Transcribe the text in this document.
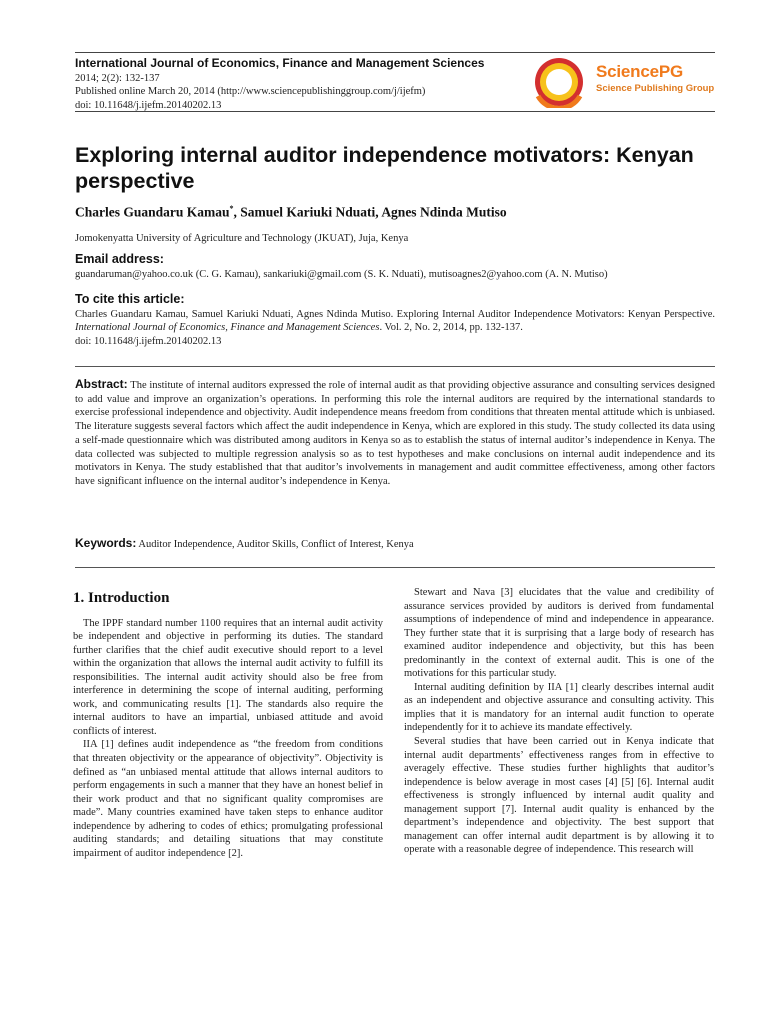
International Journal of Economics, Finance and Management Sciences
2014; 2(2): 132-137
Published online March 20, 2014 (http://www.sciencepublishinggroup.com/j/ijefm)
doi: 10.11648/j.ijefm.20140202.13
SciencePG
Science Publishing Group
Exploring internal auditor independence motivators: Kenyan perspective
Charles Guandaru Kamau*, Samuel Kariuki Nduati, Agnes Ndinda Mutiso
Jomokenyatta University of Agriculture and Technology (JKUAT), Juja, Kenya
Email address:
guandaruman@yahoo.co.uk (C. G. Kamau), sankariuki@gmail.com (S. K. Nduati), mutisoagnes2@yahoo.com (A. N. Mutiso)
To cite this article:
Charles Guandaru Kamau, Samuel Kariuki Nduati, Agnes Ndinda Mutiso. Exploring Internal Auditor Independence Motivators: Kenyan Perspective. International Journal of Economics, Finance and Management Sciences. Vol. 2, No. 2, 2014, pp. 132-137.
doi: 10.11648/j.ijefm.20140202.13
Abstract: The institute of internal auditors expressed the role of internal audit as that providing objective assurance and consulting services designed to add value and improve an organization’s operations. In performing this role the internal auditors are required by the international standards to exercise professional independence and objectivity. Audit independence means freedom from conditions that threaten mental attitude which is unbiased. The literature suggests several factors which affect the audit independence in Kenya, which are explored in this study. The study collected its data using a self-made questionnaire which was distributed among auditors in Kenya so as to establish the status of internal auditor’s independence in Kenya. The data collected was subjected to multiple regression analysis so as to test hypotheses and make conclusions on internal audit independence and its motivators in Kenya. The study established that that auditor’s involvements in management and audit committee effectiveness, among other factors have significant influence on the internal auditor’s independence in Kenya.
Keywords: Auditor Independence, Auditor Skills, Conflict of Interest, Kenya
1. Introduction

The IPPF standard number 1100 requires that an internal audit activity be independent and objective in performing its duties. The standard further clarifies that the chief audit executive should report to a level within the organization that allows the internal audit activity to fulfill its responsibilities. The internal audit activity should also be free from interference in determining the scope of internal auditing, performing work, and communicating results [1]. The standards also require the internal auditors to have an impartial, unbiased attitude and avoid conflicts of interest.

IIA [1] defines audit independence as “the freedom from conditions that threaten objectivity or the appearance of objectivity”. Objectivity is defined as “an unbiased mental attitude that allows internal auditors to perform engagements in such a manner that they have an honest belief in their work product and that no significant quality compromises are made”. Many countries examined have taken steps to enhance auditor independence by adhering to codes of ethics; promulgating professional auditing standards; and detailing situations that may constitute impairment of auditor independence [2].

Stewart and Nava [3] elucidates that the value and credibility of assurance services provided by auditors is derived from fundamental assumptions of independence of mind and independence in appearance. They further state that it is surprising that a large body of research has examined auditor independence and objectivity, but this has been predominantly in the context of external audit. This is one of the motivations for this particular study.

Internal auditing definition by IIA [1] clearly describes internal audit as an independent and objective assurance and consulting activity. This implies that it is mandatory for an internal audit function to operate independently for it to achieve its mandate effectively.

Several studies that have been carried out in Kenya indicate that internal audit departments’ effectiveness ranges from in effective to averagely effective. These studies further highlights that auditor’s independence is below average in most cases [4] [5] [6]. Internal audit effectiveness is strongly influenced by internal audit quality and management support [7]. Internal audit quality is enhanced by the department’s independence and objectivity. The best support that management can offer internal audit department is by allowing it to operate with a reasonable degree of independence. This research will
